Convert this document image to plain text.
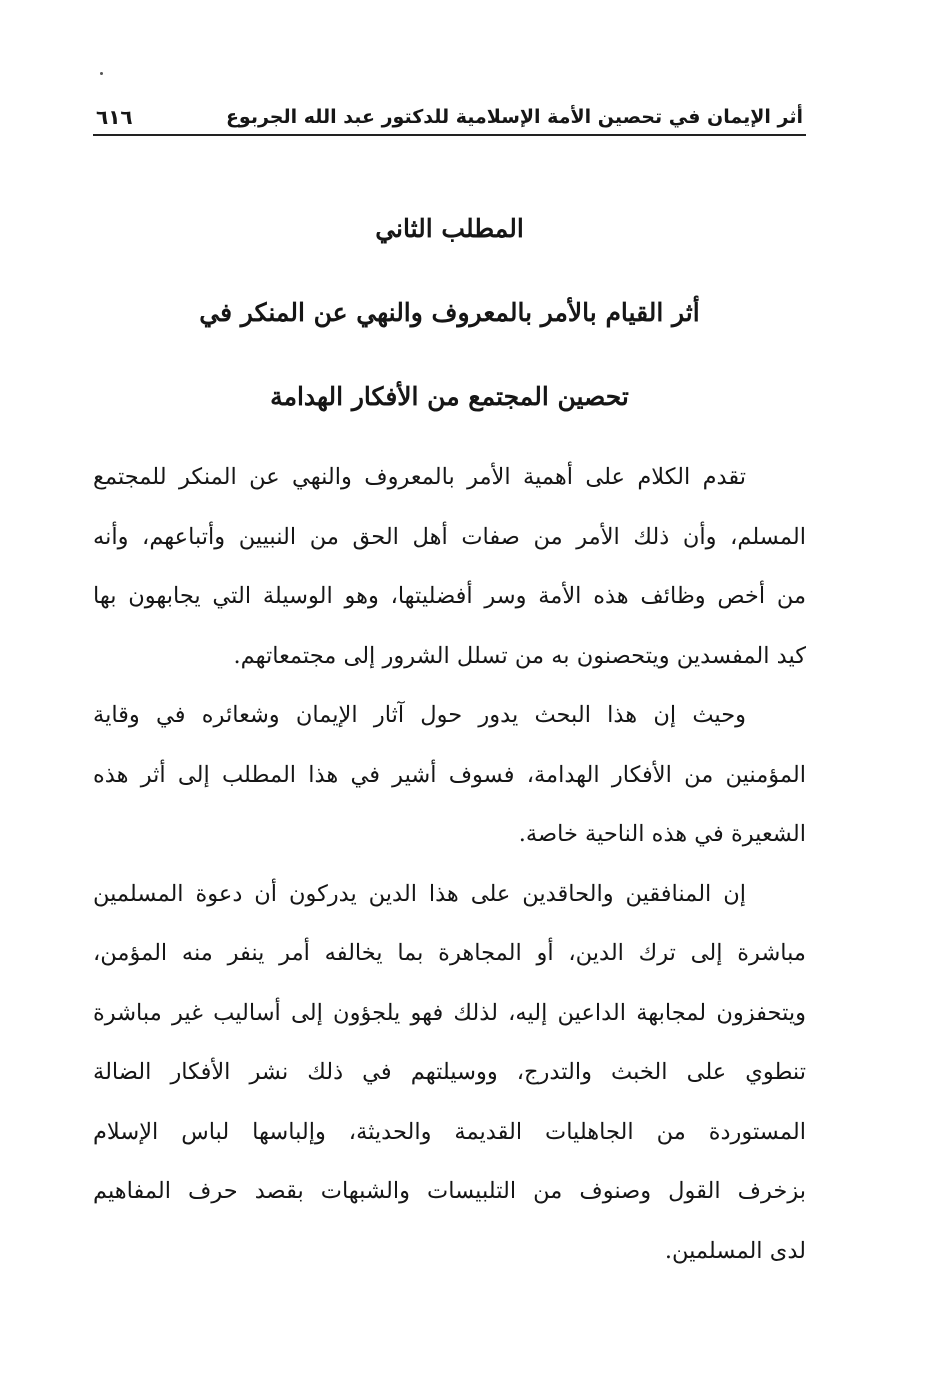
أثر الإيمان في تحصين الأمة الإسلامية للدكتور عبد الله الجربوع
٦١٦
المطلب الثاني
أثر القيام بالأمر بالمعروف والنهي عن المنكر في
تحصين المجتمع من الأفكار الهدامة
تقدم الكلام على أهمية الأمر بالمعروف والنهي عن المنكر للمجتمع
المسلم، وأن ذلك الأمر من صفات أهل الحق من النبيين وأتباعهم، وأنه
من أخص وظائف هذه الأمة وسر أفضليتها، وهو الوسيلة التي يجابهون بها
كيد المفسدين ويتحصنون به من تسلل الشرور إلى مجتمعاتهم.
وحيث إن هذا البحث يدور حول آثار الإيمان وشعائره في وقاية
المؤمنين من الأفكار الهدامة، فسوف أشير في هذا المطلب إلى أثر هذه
الشعيرة في هذه الناحية خاصة.
إن المنافقين والحاقدين على هذا الدين يدركون أن دعوة المسلمين
مباشرة إلى ترك الدين، أو المجاهرة بما يخالفه أمر ينفر منه المؤمن،
ويتحفزون لمجابهة الداعين إليه، لذلك فهو يلجؤون إلى أساليب غير مباشرة
تنطوي على الخبث والتدرج، ووسيلتهم في ذلك نشر الأفكار الضالة
المستوردة من الجاهليات القديمة والحديثة، وإلباسها لباس الإسلام
بزخرف القول وصنوف من التلبيسات والشبهات بقصد حرف المفاهيم
لدى المسلمين.
